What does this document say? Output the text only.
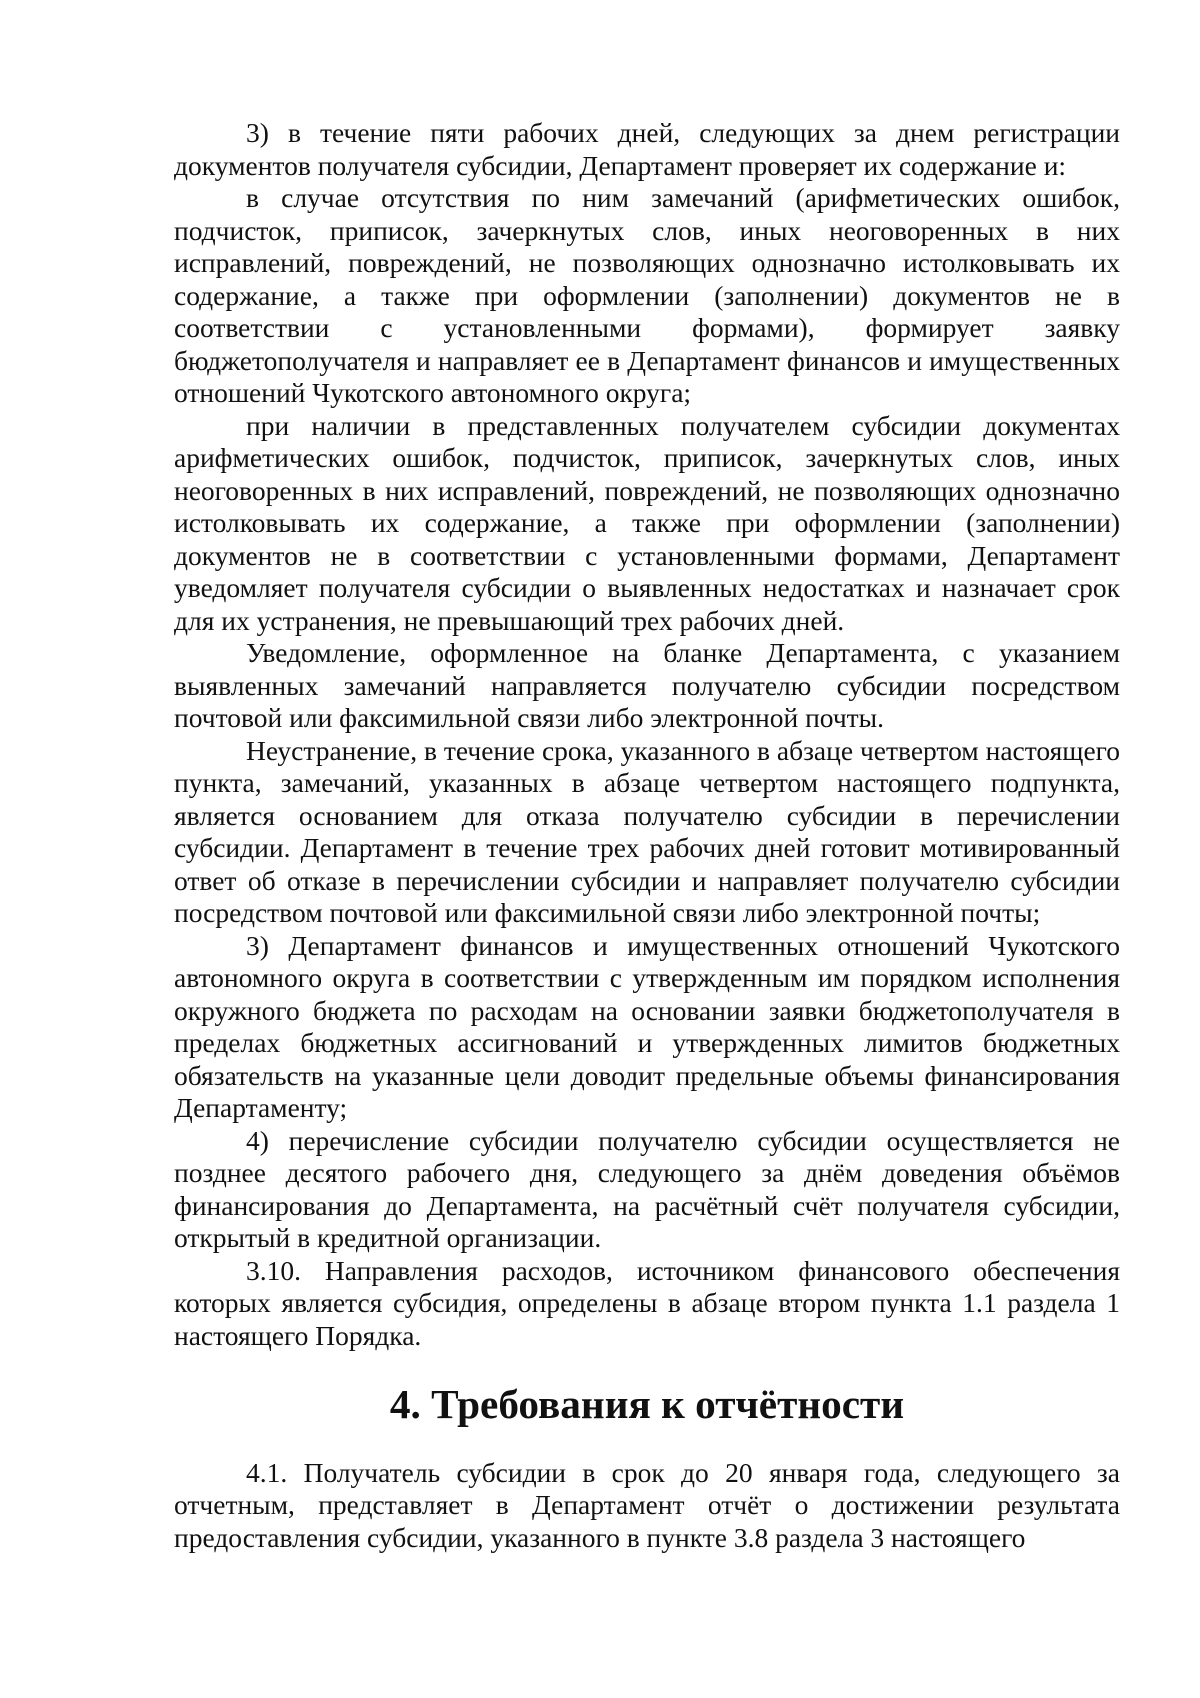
3) в течение пяти рабочих дней, следующих за днем регистрации документов получателя субсидии, Департамент проверяет их содержание и:

в случае отсутствия по ним замечаний (арифметических ошибок, подчисток, приписок, зачеркнутых слов, иных неоговоренных в них исправлений, повреждений, не позволяющих однозначно истолковывать их содержание, а также при оформлении (заполнении) документов не в соответствии с установленными формами), формирует заявку бюджетополучателя и направляет ее в Департамент финансов и имущественных отношений Чукотского автономного округа;

при наличии в представленных получателем субсидии документах арифметических ошибок, подчисток, приписок, зачеркнутых слов, иных неоговоренных в них исправлений, повреждений, не позволяющих однозначно истолковывать их содержание, а также при оформлении (заполнении) документов не в соответствии с установленными формами, Департамент уведомляет получателя субсидии о выявленных недостатках и назначает срок для их устранения, не превышающий трех рабочих дней.

Уведомление, оформленное на бланке Департамента, с указанием выявленных замечаний направляется получателю субсидии посредством почтовой или факсимильной связи либо электронной почты.

Неустранение, в течение срока, указанного в абзаце четвертом настоящего пункта, замечаний, указанных в абзаце четвертом настоящего подпункта, является основанием для отказа получателю субсидии в перечислении субсидии. Департамент в течение трех рабочих дней готовит мотивированный ответ об отказе в перечислении субсидии и направляет получателю субсидии посредством почтовой или факсимильной связи либо электронной почты;

3) Департамент финансов и имущественных отношений Чукотского автономного округа в соответствии с утвержденным им порядком исполнения окружного бюджета по расходам на основании заявки бюджетополучателя в пределах бюджетных ассигнований и утвержденных лимитов бюджетных обязательств на указанные цели доводит предельные объемы финансирования Департаменту;

4) перечисление субсидии получателю субсидии осуществляется не позднее десятого рабочего дня, следующего за днём доведения объёмов финансирования до Департамента, на расчётный счёт получателя субсидии, открытый в кредитной организации.

3.10. Направления расходов, источником финансового обеспечения которых является субсидия, определены в абзаце втором пункта 1.1 раздела 1 настоящего Порядка.

4. Требования к отчётности

4.1. Получатель субсидии в срок до 20 января года, следующего за отчетным, представляет в Департамент отчёт о достижении результата предоставления субсидии, указанного в пункте 3.8 раздела 3 настоящего
